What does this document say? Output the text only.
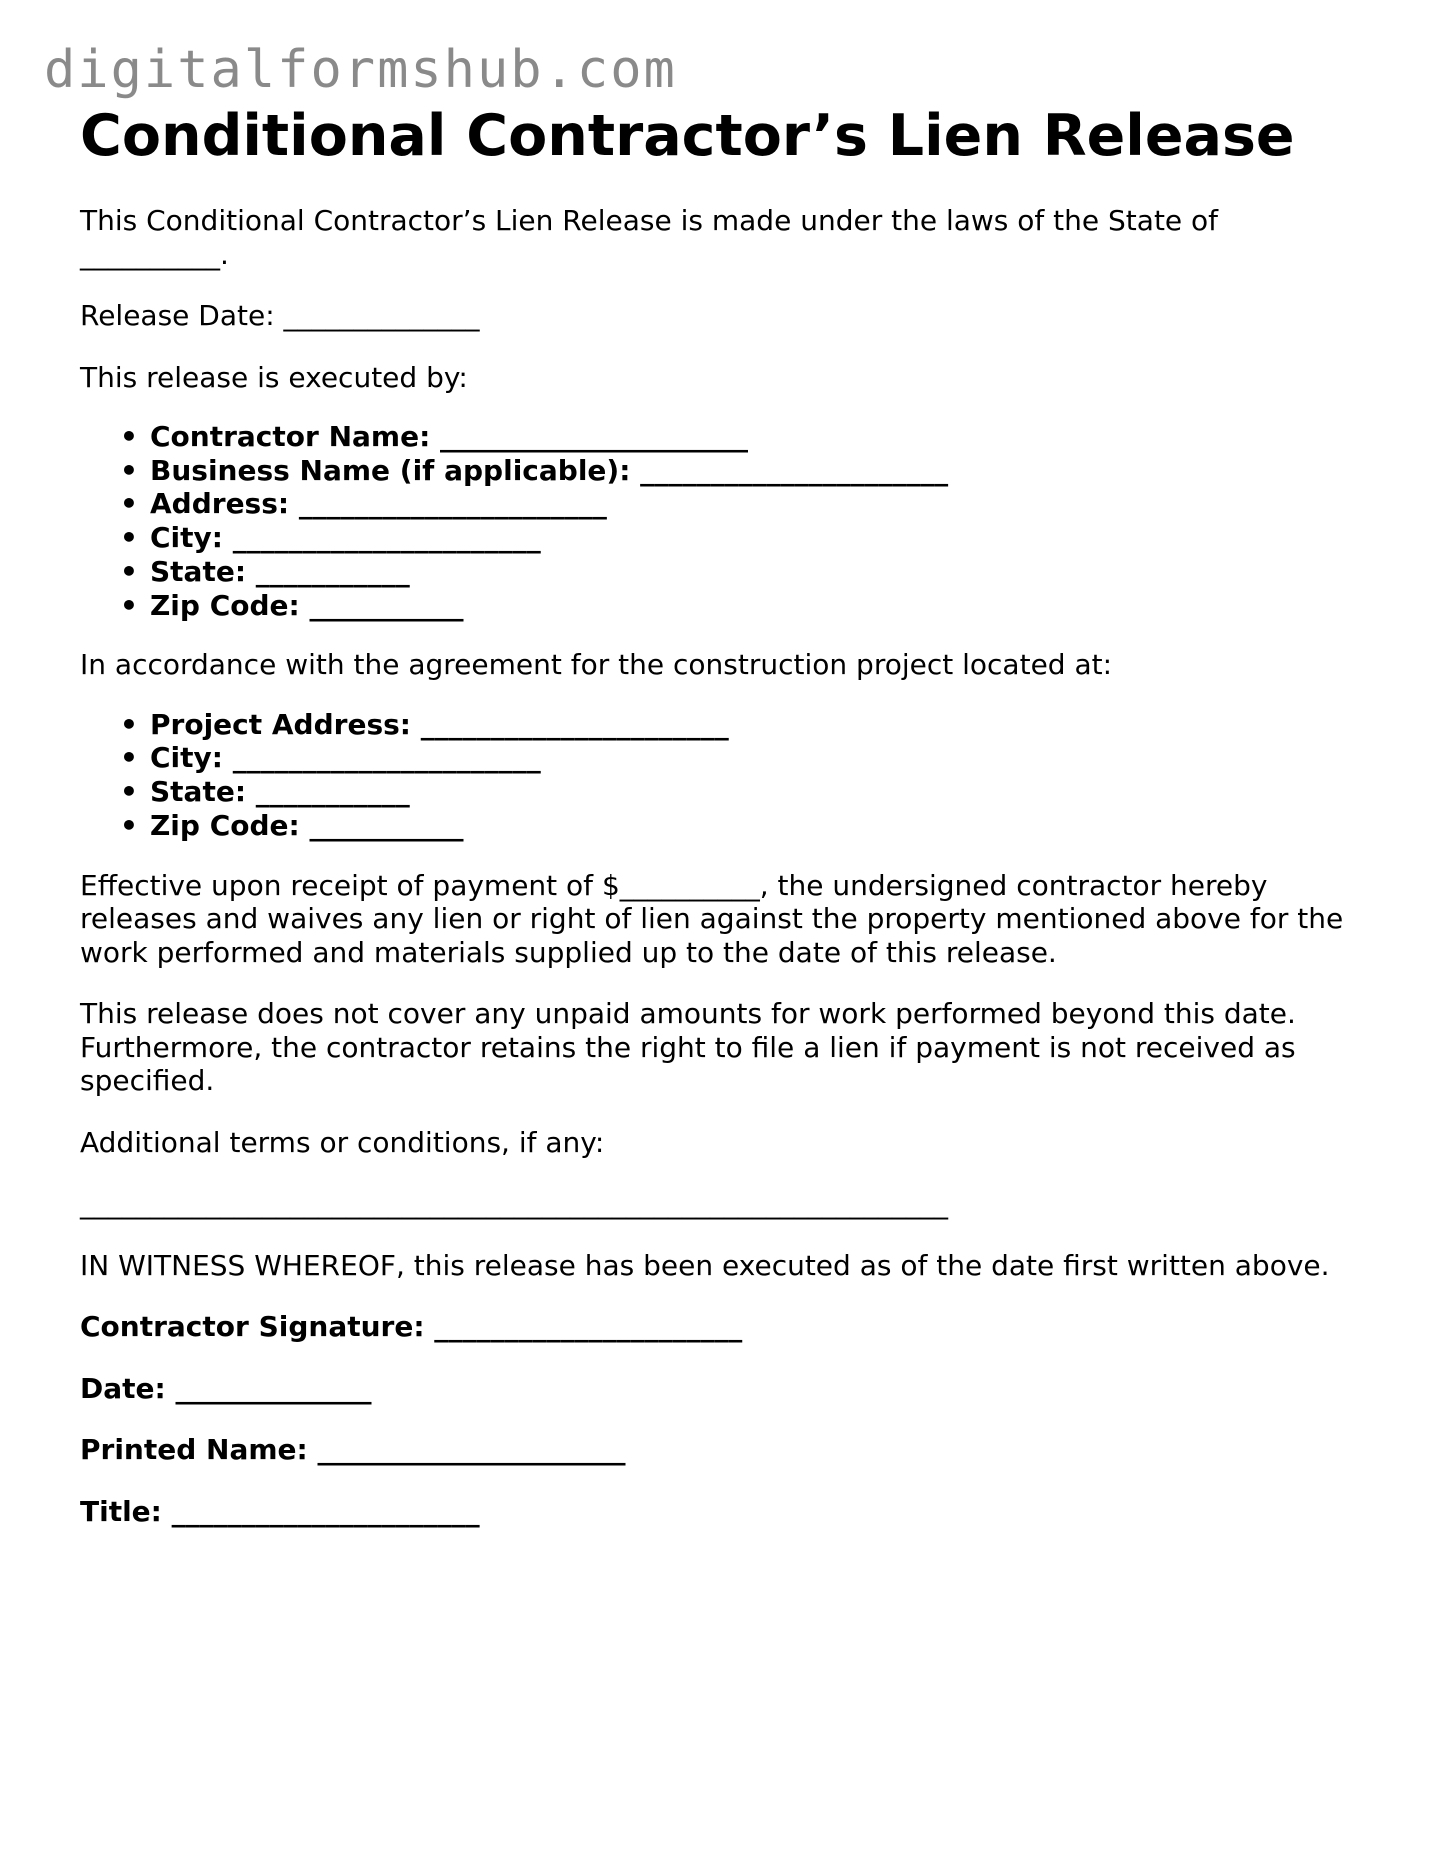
digitalformshub.com
Conditional Contractor’s Lien Release

This Conditional Contractor’s Lien Release is made under the laws of the State of
__________.

Release Date: ______________

This release is executed by:

• Contractor Name: ______________________
• Business Name (if applicable): ______________________
• Address: ______________________
• City: ______________________
• State: ___________
• Zip Code: ___________

In accordance with the agreement for the construction project located at:

• Project Address: ______________________
• City: ______________________
• State: ___________
• Zip Code: ___________

Effective upon receipt of payment of $__________, the undersigned contractor hereby
releases and waives any lien or right of lien against the property mentioned above for the
work performed and materials supplied up to the date of this release.

This release does not cover any unpaid amounts for work performed beyond this date.
Furthermore, the contractor retains the right to file a lien if payment is not received as
specified.

Additional terms or conditions, if any:

______________________________________________________________

IN WITNESS WHEREOF, this release has been executed as of the date first written above.

Contractor Signature: ______________________
Date: ______________
Printed Name: ______________________
Title: ______________________
